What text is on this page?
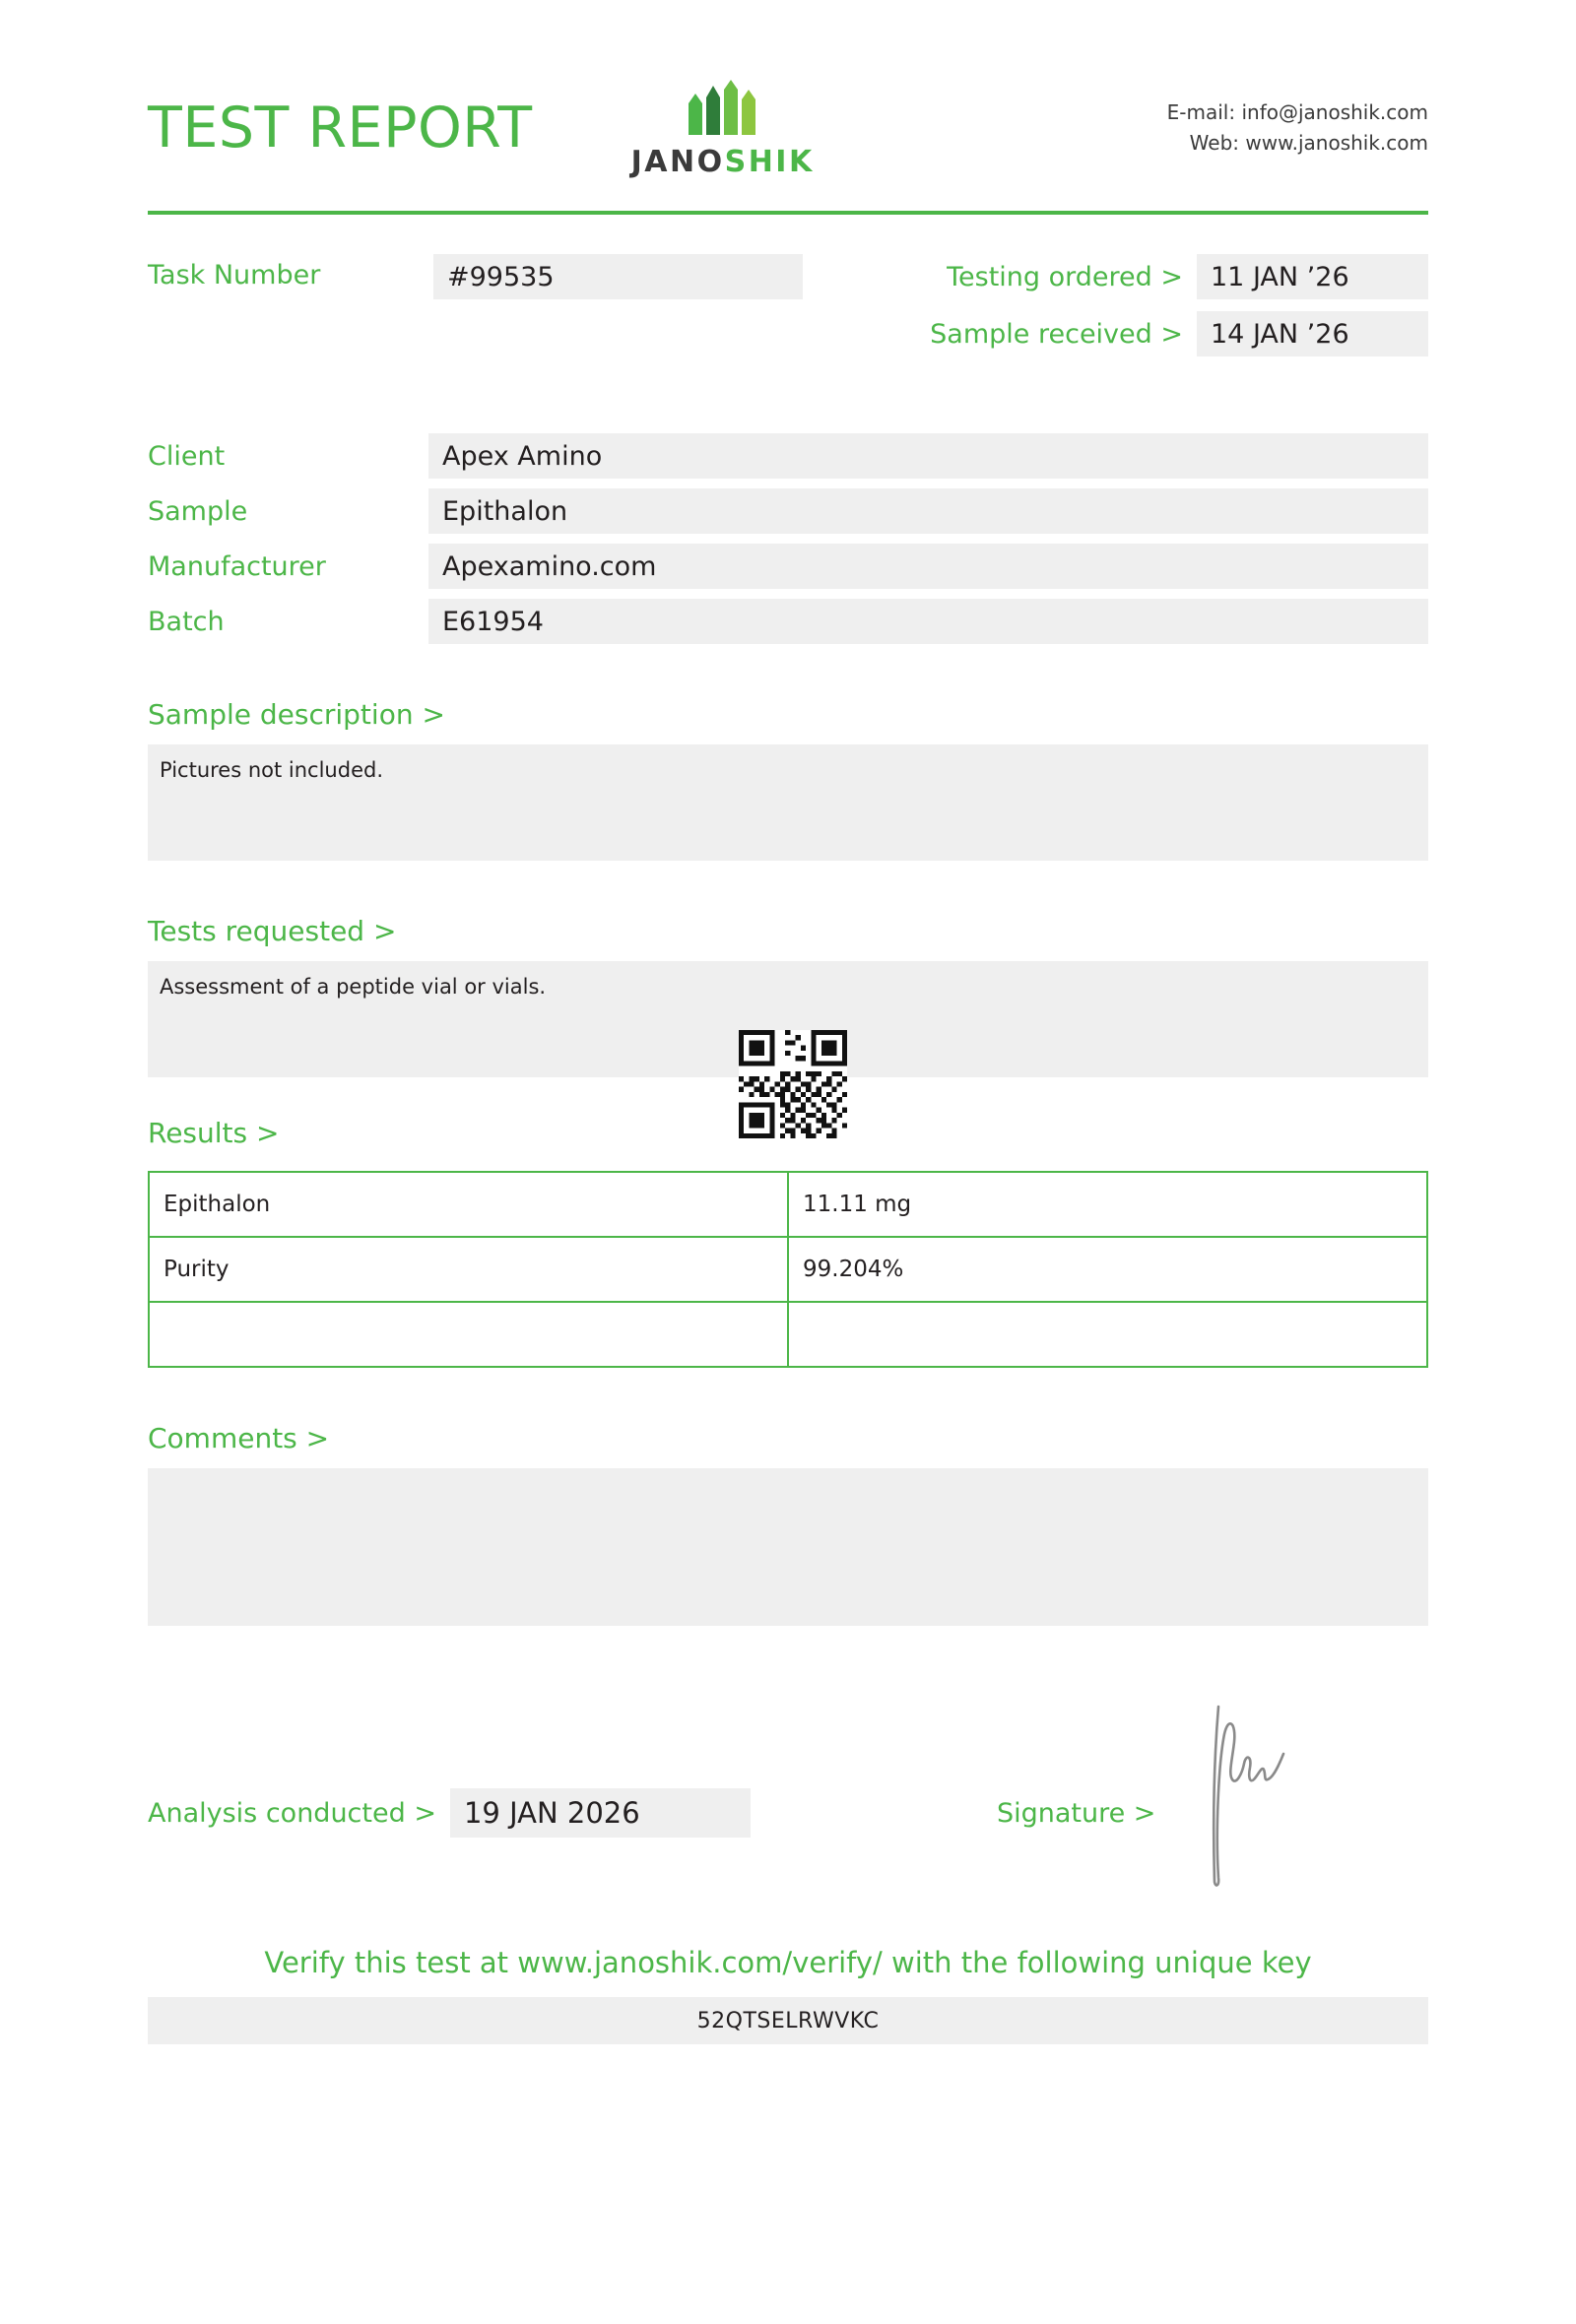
TEST REPORT
JANOSHIK
E-mail: info@janoshik.com
Web: www.janoshik.com
Task Number	#99535	Testing ordered >	11 JAN ’26
Sample received >	14 JAN ’26
Client	Apex Amino
Sample	Epithalon
Manufacturer	Apexamino.com
Batch	E61954
Sample description >
Pictures not included.
Tests requested >
Assessment of a peptide vial or vials.
Results >
Epithalon	11.11 mg
Purity	99.204%

Comments >
Analysis conducted > 19 JAN 2026	Signature >
Verify this test at www.janoshik.com/verify/ with the following unique key
52QTSELRWVKC
